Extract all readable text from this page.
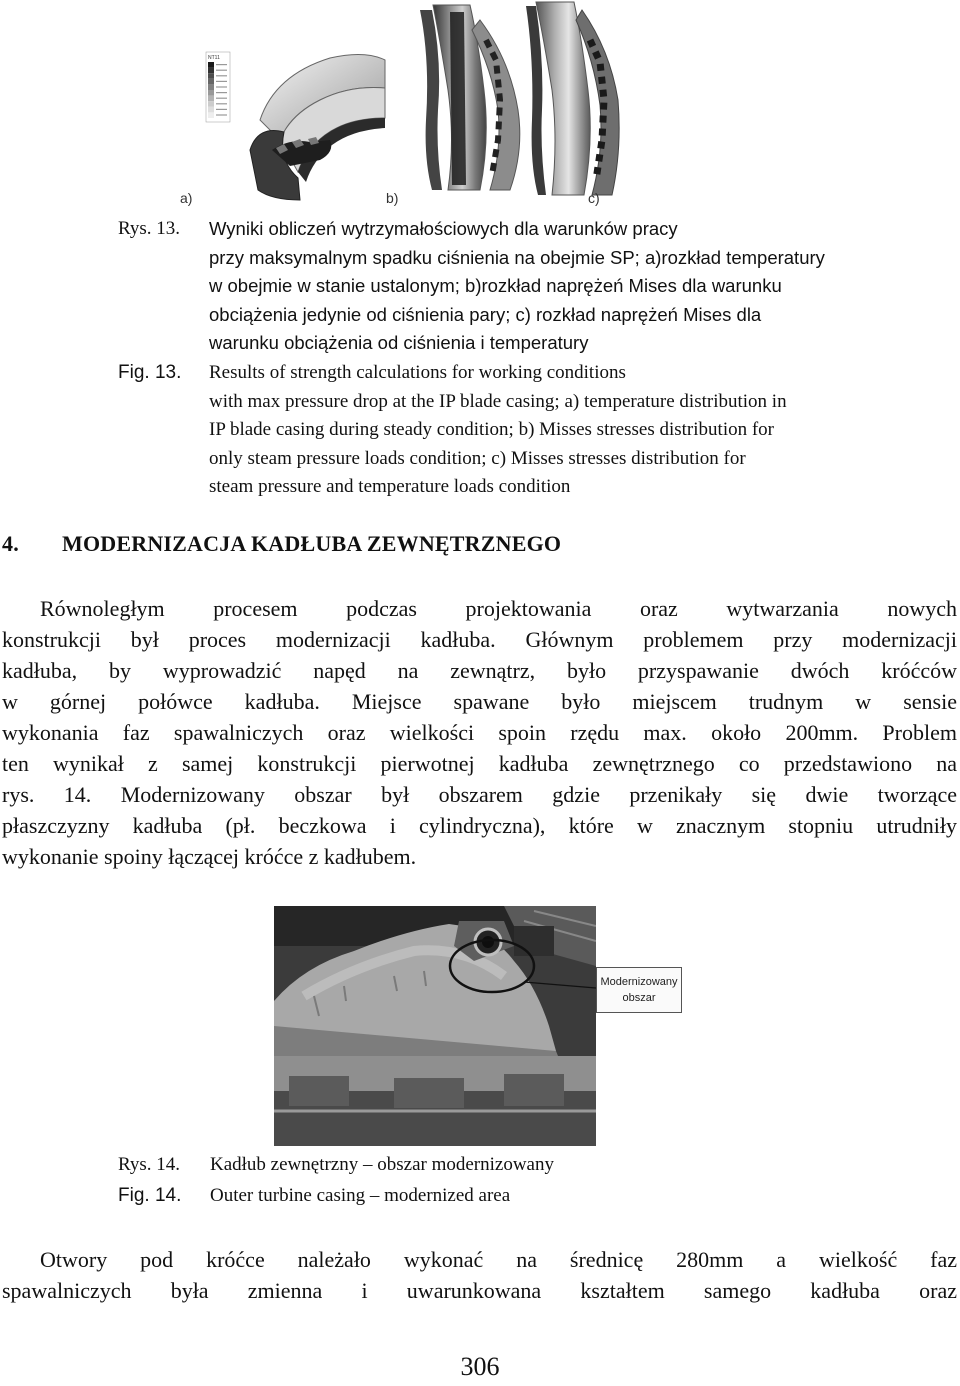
NT11
a)	b)	c)
Rys. 13. Wyniki obliczeń wytrzymałościowych dla warunków pracy
przy maksymalnym spadku ciśnienia na obejmie SP; a)rozkład temperatury
w obejmie w stanie ustalonym; b)rozkład naprężeń Mises dla warunku
obciążenia jedynie od ciśnienia pary; c) rozkład naprężeń Mises dla
warunku obciążenia od ciśnienia i temperatury
Fig. 13. Results of strength calculations for working conditions
with max pressure drop at the IP blade casing; a) temperature distribution in
IP blade casing during steady condition; b) Misses stresses distribution for
only steam pressure loads condition; c) Misses stresses distribution for
steam pressure and temperature loads condition
4. MODERNIZACJA KADŁUBA ZEWNĘTRZNEGO
Równoległym procesem podczas projektowania oraz wytwarzania nowych
konstrukcji był proces modernizacji kadłuba. Głównym problemem przy modernizacji
kadłuba, by wyprowadzić napęd na zewnątrz, było przyspawanie dwóch króćców
w górnej połówce kadłuba. Miejsce spawane było miejscem trudnym w sensie
wykonania faz spawalniczych oraz wielkości spoin rzędu max. około 200mm. Problem
ten wynikał z samej konstrukcji pierwotnej kadłuba zewnętrznego co przedstawiono na
rys. 14. Modernizowany obszar był obszarem gdzie przenikały się dwie tworzące
płaszczyzny kadłuba (pł. beczkowa i cylindryczna), które w znacznym stopniu utrudniły
wykonanie spoiny łączącej króćce z kadłubem.
Modernizowany
obszar
Rys. 14. Kadłub zewnętrzny – obszar modernizowany
Fig. 14. Outer turbine casing – modernized area
Otwory pod króćce należało wykonać na średnicę 280mm a wielkość faz
spawalniczych była zmienna i uwarunkowana kształtem samego kadłuba oraz
306
